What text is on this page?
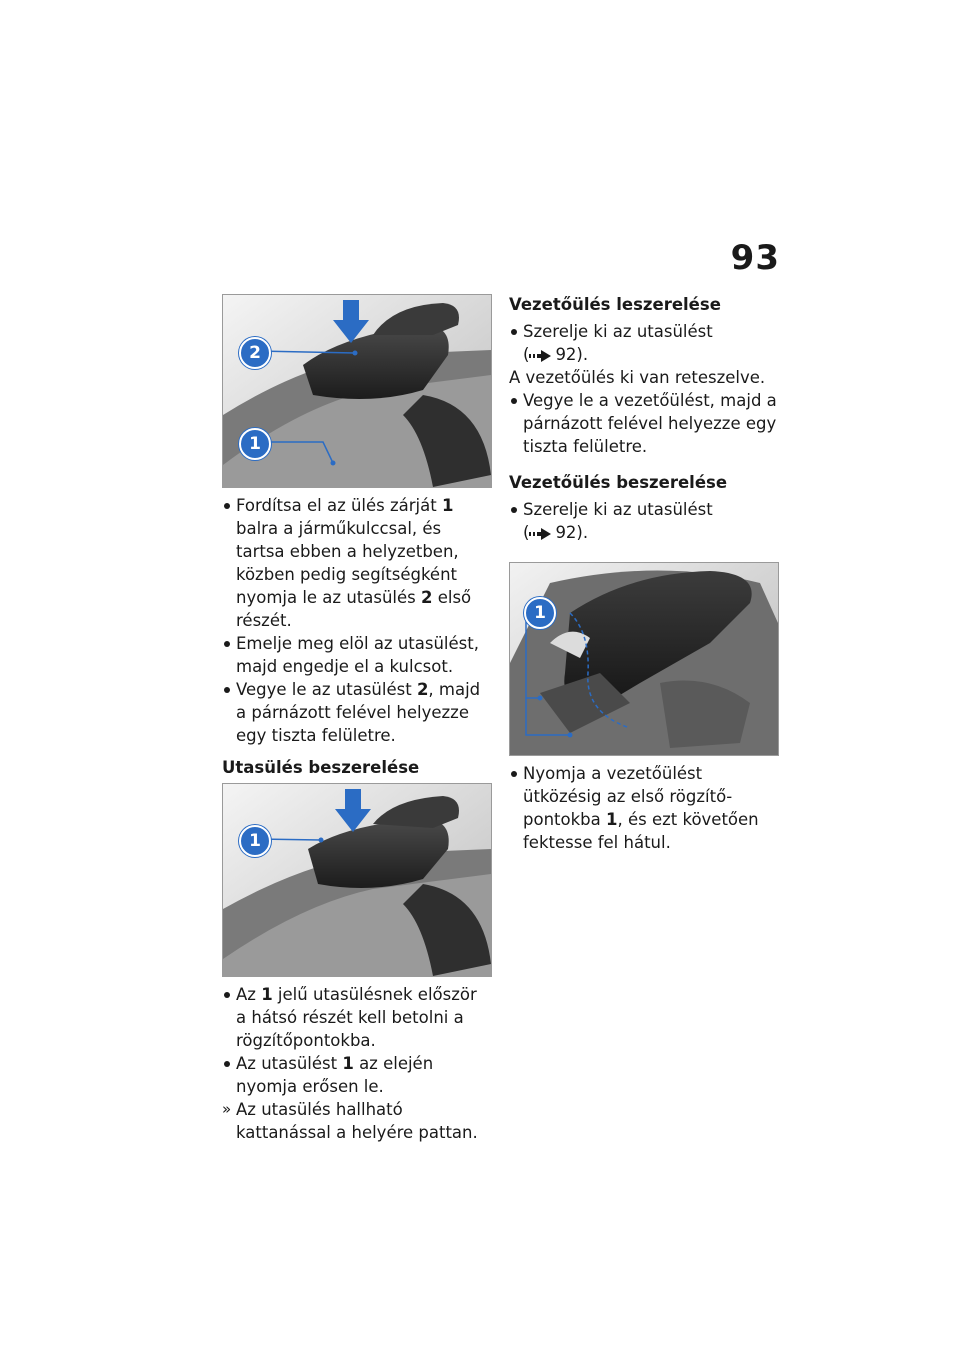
93
2
1
Fordítsa el az ülés zárját 1 balra a járműkulccsal, és tartsa ebben a helyzetben, közben pedig segítségként nyomja le az utasülés 2 első részét.
Emelje meg elöl az utasülést, majd engedje el a kulcsot.
Vegye le az utasülést 2, majd a párnázott felével helyezze egy tiszta felületre.
Utasülés beszerelése
1
Az 1 jelű utasülésnek először a hátsó részét kell betolni a rögzítőpontokba.
Az utasülést 1 az elején nyomja erősen le.
» Az utasülés hallható kattanással a helyére pattan.
Vezetőülés leszerelése
Szerelje ki az utasülést
( 92).
A vezetőülés ki van reteszelve.
Vegye le a vezetőülést, majd a párnázott felével helyezze egy tiszta felületre.
Vezetőülés beszerelése
Szerelje ki az utasülést
( 92).
1
Nyomja a vezetőülést ütközésig az első rögzítő-pontokba 1, és ezt követően fektesse fel hátul.
